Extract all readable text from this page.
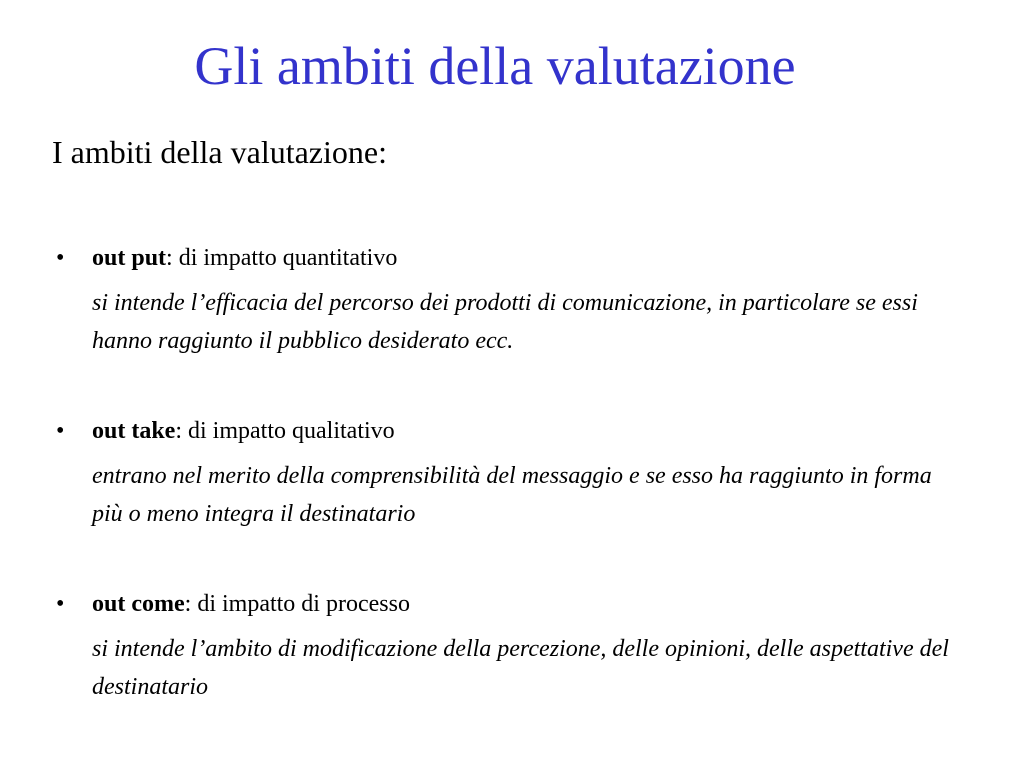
Gli ambiti della valutazione

I ambiti della valutazione:

• out put: di impatto quantitativo
si intende l’efficacia del percorso dei prodotti di comunicazione, in particolare se essi hanno raggiunto il pubblico desiderato ecc.
• out take: di impatto qualitativo
entrano nel merito della comprensibilità del messaggio e se esso ha raggiunto in forma più o meno integra il destinatario
• out come: di impatto di processo
si intende l’ambito di modificazione della percezione, delle opinioni, delle aspettative del destinatario
